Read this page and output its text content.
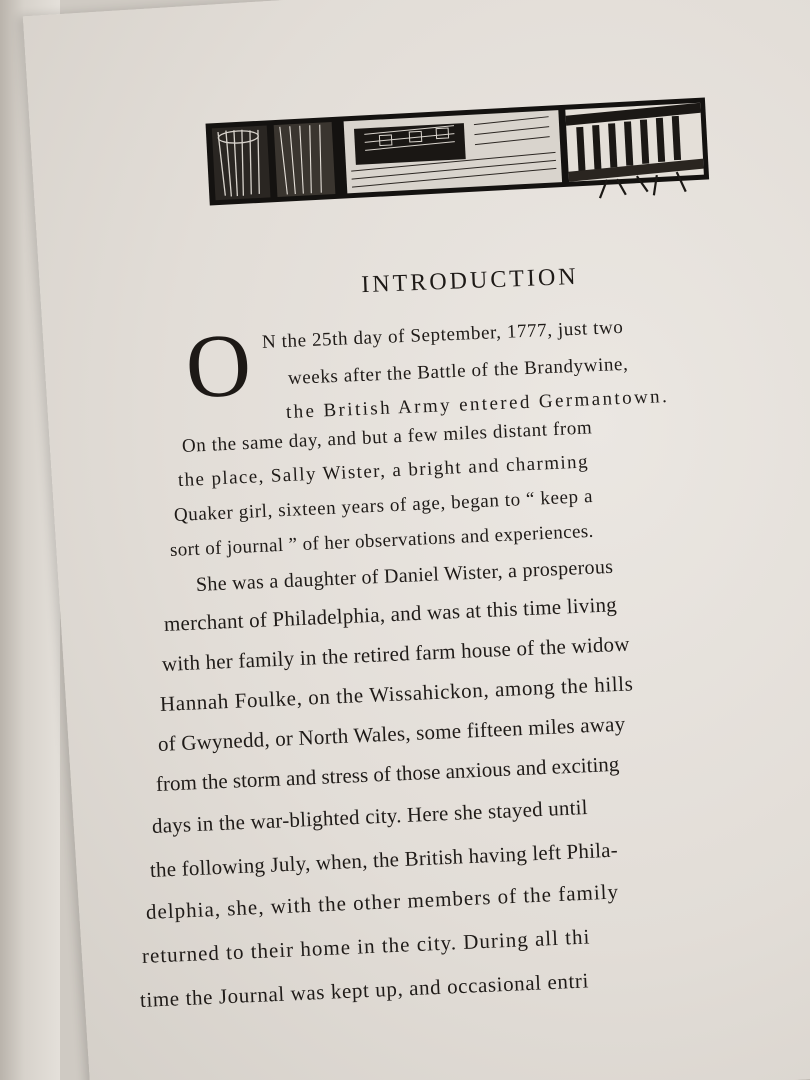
INTRODUCTION
O N the 25th day of September, 1777, just two
weeks after the Battle of the Brandywine,
the British Army entered Germantown.
On the same day, and but a few miles distant from
the place, Sally Wister, a bright and charming
Quaker girl, sixteen years of age, began to “ keep a
sort of journal ” of her observations and experiences.
She was a daughter of Daniel Wister, a prosperous
merchant of Philadelphia, and was at this time living
with her family in the retired farm house of the widow
Hannah Foulke, on the Wissahickon, among the hills
of Gwynedd, or North Wales, some fifteen miles away
from the storm and stress of those anxious and exciting
days in the war-blighted city. Here she stayed until
the following July, when, the British having left Phila-
delphia, she, with the other members of the family
returned to their home in the city. During all thi
time the Journal was kept up, and occasional entri
